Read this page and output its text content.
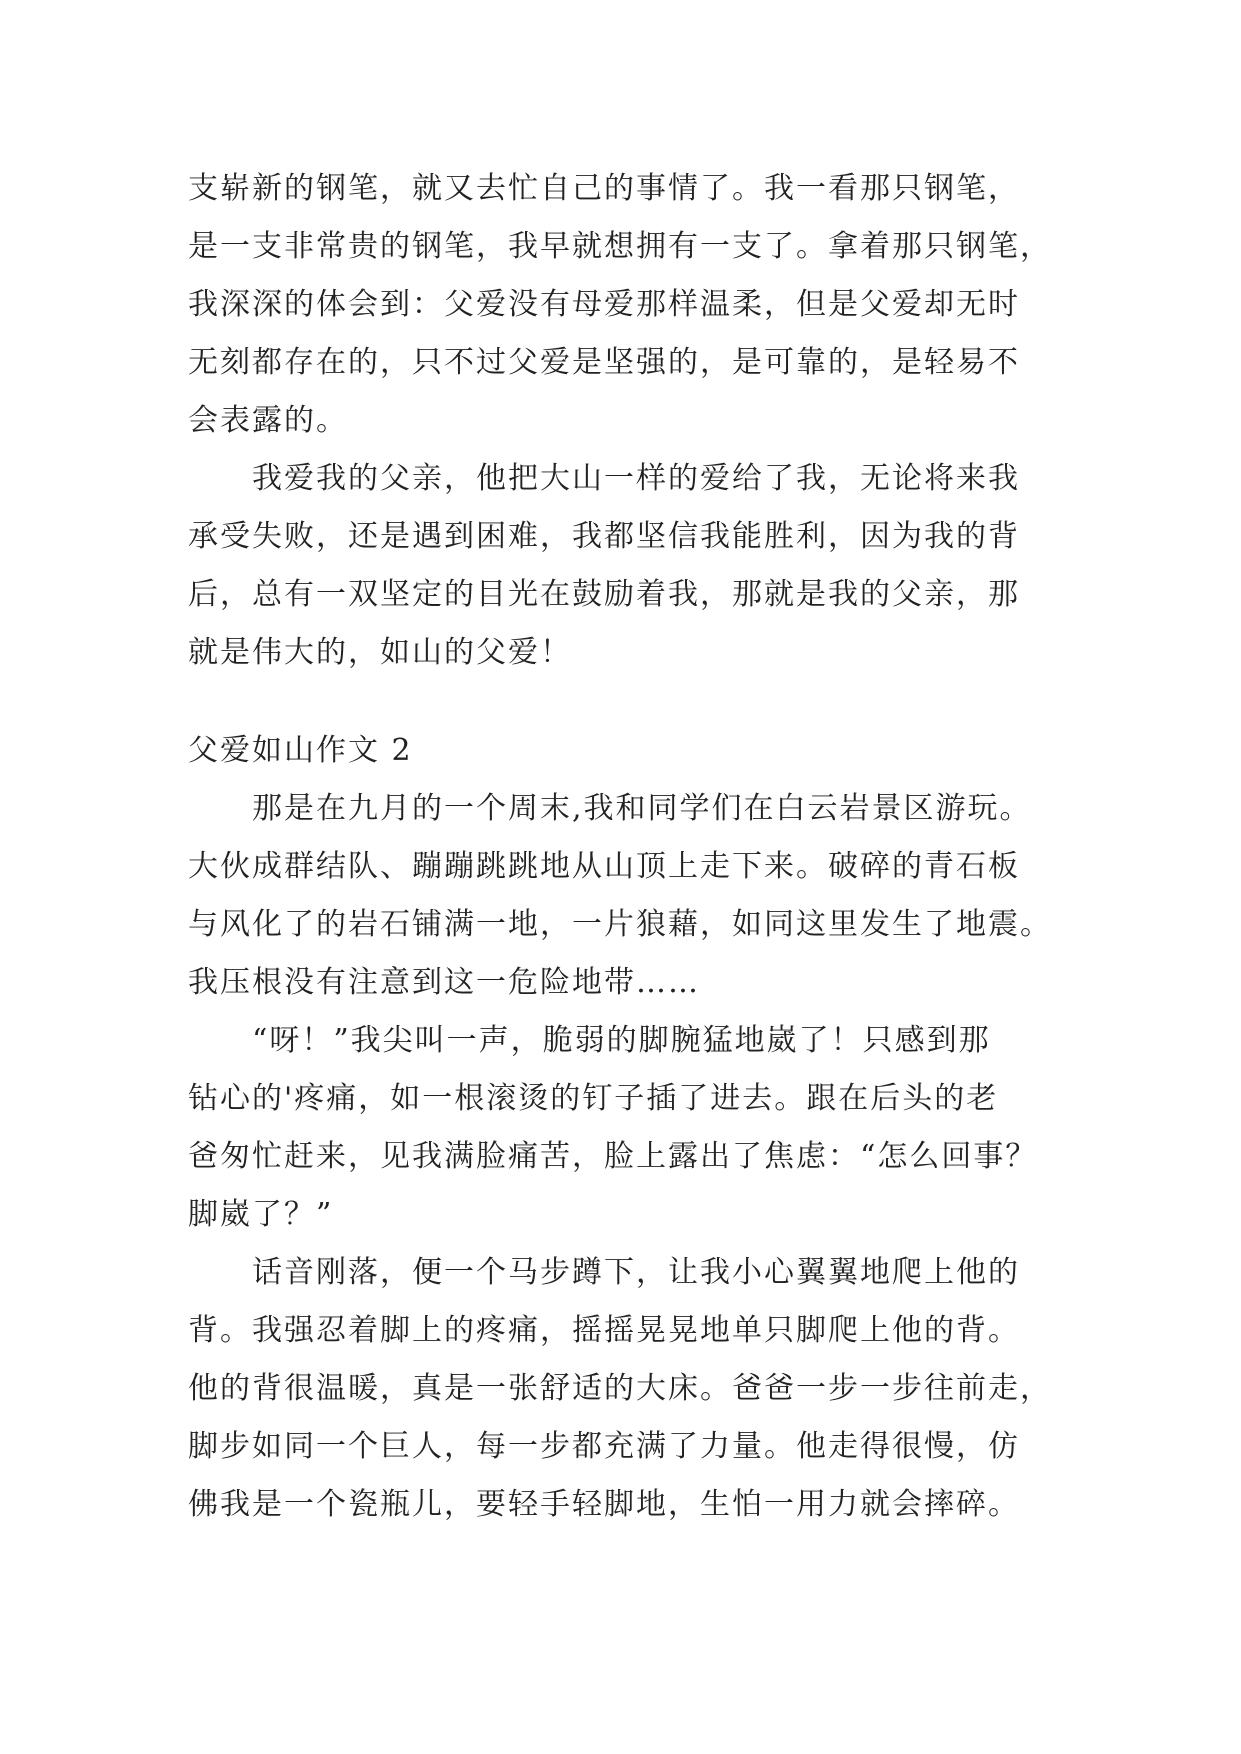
支崭新的钢笔，就又去忙自己的事情了。我一看那只钢笔，
是一支非常贵的钢笔，我早就想拥有一支了。拿着那只钢笔，
我深深的体会到：父爱没有母爱那样温柔，但是父爱却无时
无刻都存在的，只不过父爱是坚强的，是可靠的，是轻易不
会表露的。
　　我爱我的父亲，他把大山一样的爱给了我，无论将来我
承受失败，还是遇到困难，我都坚信我能胜利，因为我的背
后，总有一双坚定的目光在鼓励着我，那就是我的父亲，那
就是伟大的，如山的父爱！
父爱如山作文 2
　　那是在九月的一个周末,我和同学们在白云岩景区游玩。
大伙成群结队、蹦蹦跳跳地从山顶上走下来。破碎的青石板
与风化了的岩石铺满一地，一片狼藉，如同这里发生了地震。
我压根没有注意到这一危险地带……
　　“呀！”我尖叫一声，脆弱的脚腕猛地崴了！只感到那
钻心的'疼痛，如一根滚烫的钉子插了进去。跟在后头的老
爸匆忙赶来，见我满脸痛苦，脸上露出了焦虑：“怎么回事？
脚崴了？”
　　话音刚落，便一个马步蹲下，让我小心翼翼地爬上他的
背。我强忍着脚上的疼痛，摇摇晃晃地单只脚爬上他的背。
他的背很温暖，真是一张舒适的大床。爸爸一步一步往前走，
脚步如同一个巨人，每一步都充满了力量。他走得很慢，仿
佛我是一个瓷瓶儿，要轻手轻脚地，生怕一用力就会摔碎。
